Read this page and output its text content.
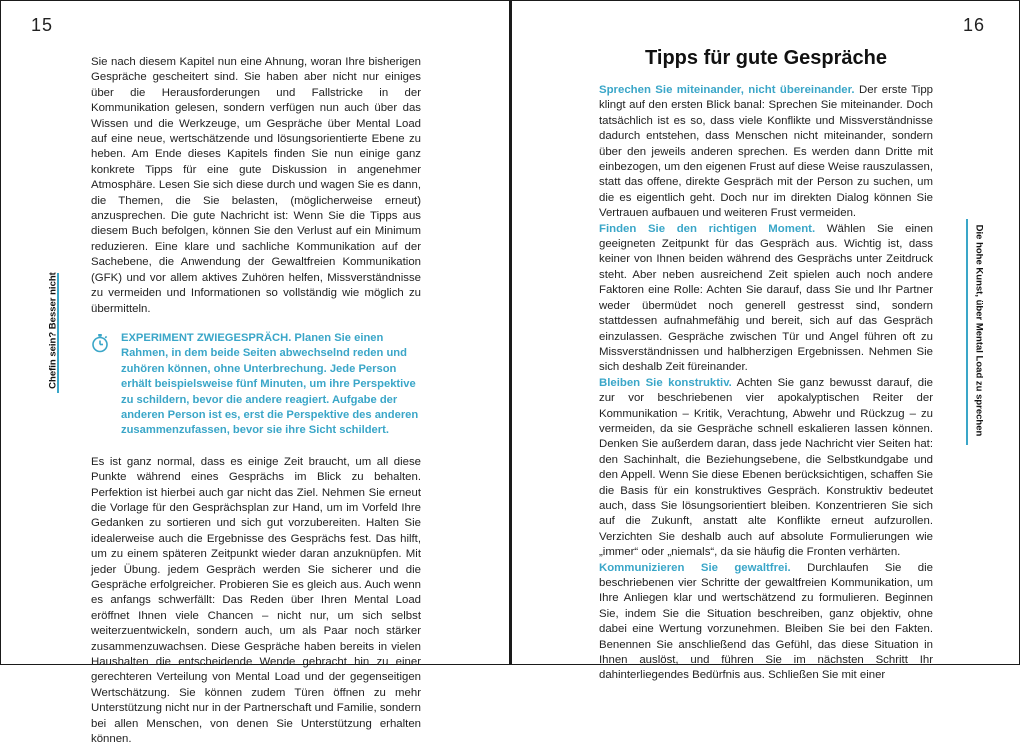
15
Chefin sein? Besser nicht

Sie nach diesem Kapitel nun eine Ahnung, woran Ihre bisherigen Gespräche gescheitert sind. Sie haben aber nicht nur einiges über die Herausforderungen und Fallstricke in der Kommunikation gelesen, sondern verfügen nun auch über das Wissen und die Werkzeuge, um Gespräche über Mental Load auf eine neue, wertschätzende und lösungsorientierte Ebene zu heben. Am Ende dieses Kapitels finden Sie nun einige ganz konkrete Tipps für eine gute Diskussion in angenehmer Atmosphäre. Lesen Sie sich diese durch und wagen Sie es dann, die Themen, die Sie belasten, (möglicherweise erneut) anzusprechen. Die gute Nachricht ist: Wenn Sie die Tipps aus diesem Buch befolgen, können Sie den Verlust auf ein Minimum reduzieren. Eine klare und sachliche Kommunikation auf der Sachebene, die Anwendung der Gewaltfreien Kommunikation (GFK) und vor allem aktives Zuhören helfen, Missverständnisse zu vermeiden und Informationen so vollständig wie möglich zu übermitteln.

EXPERIMENT ZWIEGESPRÄCH. Planen Sie einen Rahmen, in dem beide Seiten abwechselnd reden und zuhören können, ohne Unterbrechung. Jede Person erhält beispielsweise fünf Minuten, um ihre Perspektive zu schildern, bevor die andere reagiert. Aufgabe der anderen Person ist es, erst die Perspektive des anderen zusammenzufassen, bevor sie ihre Sicht schildert.

Es ist ganz normal, dass es einige Zeit braucht, um all diese Punkte während eines Gesprächs im Blick zu behalten. Perfektion ist hierbei auch gar nicht das Ziel. Nehmen Sie erneut die Vorlage für den Gesprächsplan zur Hand, um im Vorfeld Ihre Gedanken zu sortieren und sich gut vorzubereiten. Halten Sie idealerweise auch die Ergebnisse des Gesprächs fest. Das hilft, um zu einem späteren Zeitpunkt wieder daran anzuknüpfen. Mit jeder Übung. jedem Gespräch werden Sie sicherer und die Gespräche erfolgreicher. Probieren Sie es gleich aus. Auch wenn es anfangs schwerfällt: Das Reden über Ihren Mental Load eröffnet Ihnen viele Chancen – nicht nur, um sich selbst weiterzuentwickeln, sondern auch, um als Paar noch stärker zusammenzuwachsen. Diese Gespräche haben bereits in vielen Haushalten die entscheidende Wende gebracht hin zu einer gerechteren Verteilung von Mental Load und der gegenseitigen Wertschätzung. Sie können zudem Türen öffnen zu mehr Unterstützung nicht nur in der Partnerschaft und Familie, sondern bei allen Menschen, von denen Sie Unterstützung erhalten können.

16
Tipps für gute Gespräche
Die hohe Kunst, über Mental Load zu sprechen

Sprechen Sie miteinander, nicht übereinander. Der erste Tipp klingt auf den ersten Blick banal: Sprechen Sie miteinander. Doch tatsächlich ist es so, dass viele Konflikte und Missverständnisse dadurch entstehen, dass Menschen nicht miteinander, sondern über den jeweils anderen sprechen. Es werden dann Dritte mit einbezogen, um den eigenen Frust auf diese Weise rauszulassen, statt das offene, direkte Gespräch mit der Person zu suchen, um die es eigentlich geht. Doch nur im direkten Dialog können Sie Vertrauen aufbauen und weiteren Frust vermeiden.

Finden Sie den richtigen Moment. Wählen Sie einen geeigneten Zeitpunkt für das Gespräch aus. Wichtig ist, dass keiner von Ihnen beiden während des Gesprächs unter Zeitdruck steht. Aber neben ausreichend Zeit spielen auch noch andere Faktoren eine Rolle: Achten Sie darauf, dass Sie und Ihr Partner weder übermüdet noch generell gestresst sind, sondern stattdessen aufnahmefähig und bereit, sich auf das Gespräch einzulassen. Gespräche zwischen Tür und Angel führen oft zu Missverständnissen und halbherzigen Ergebnissen. Nehmen Sie sich deshalb Zeit füreinander.

Bleiben Sie konstruktiv. Achten Sie ganz bewusst darauf, die zur vor beschriebenen vier apokalyptischen Reiter der Kommunikation – Kritik, Verachtung, Abwehr und Rückzug – zu vermeiden, da sie Gespräche schnell eskalieren lassen können. Denken Sie außerdem daran, dass jede Nachricht vier Seiten hat: den Sachinhalt, die Beziehungsebene, die Selbstkundgabe und den Appell. Wenn Sie diese Ebenen berücksichtigen, schaffen Sie die Basis für ein konstruktives Gespräch. Konstruktiv bedeutet auch, dass Sie lösungsorientiert bleiben. Konzentrieren Sie sich auf die Zukunft, anstatt alte Konflikte erneut aufzurollen. Verzichten Sie deshalb auch auf absolute Formulierungen wie „immer“ oder „niemals“, da sie häufig die Fronten verhärten.

Kommunizieren Sie gewaltfrei. Durchlaufen Sie die beschriebenen vier Schritte der gewaltfreien Kommunikation, um Ihre Anliegen klar und wertschätzend zu formulieren. Beginnen Sie, indem Sie die Situation beschreiben, ganz objektiv, ohne dabei eine Wertung vorzunehmen. Bleiben Sie bei den Fakten. Benennen Sie anschließend das Gefühl, das diese Situation in Ihnen auslöst, und führen Sie im nächsten Schritt Ihr dahinterliegendes Bedürfnis aus. Schließen Sie mit einer
